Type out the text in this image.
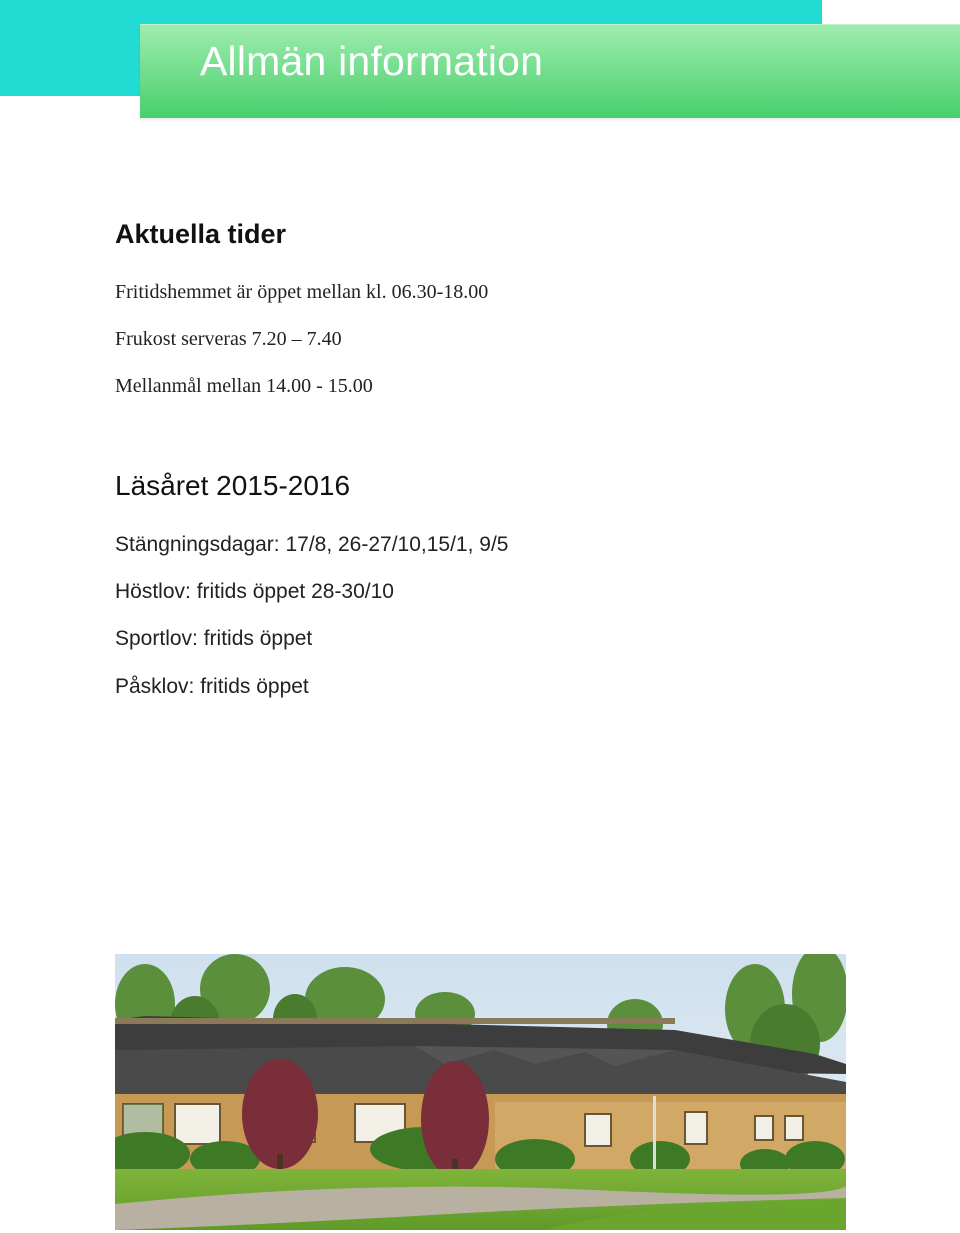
Allmän information
Aktuella tider
Fritidshemmet är öppet mellan kl. 06.30-18.00
Frukost serveras 7.20 – 7.40
Mellanmål mellan 14.00 - 15.00
Läsåret 2015-2016
Stängningsdagar: 17/8, 26-27/10,15/1, 9/5
Höstlov: fritids öppet 28-30/10
Sportlov: fritids öppet
Påsklov: fritids öppet
